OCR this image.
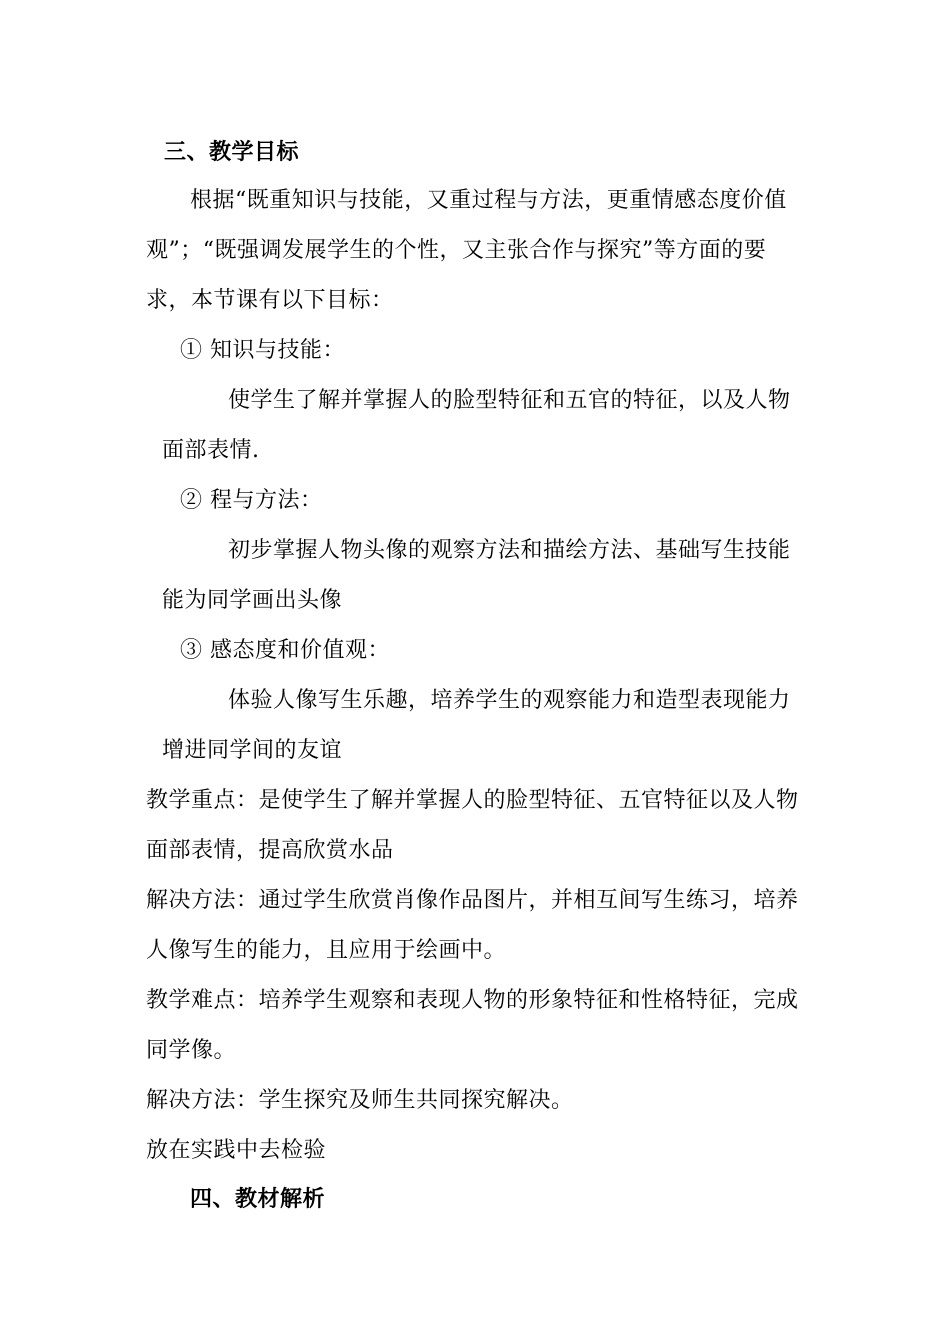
三、教学目标
根据“既重知识与技能，又重过程与方法，更重情感态度价值
观”；“既强调发展学生的个性，又主张合作与探究”等方面的要
求，本节课有以下目标：
① 知识与技能：
使学生了解并掌握人的脸型特征和五官的特征，以及人物
面部表情.
② 程与方法：
初步掌握人物头像的观察方法和描绘方法、基础写生技能
能为同学画出头像
③ 感态度和价值观：
体验人像写生乐趣，培养学生的观察能力和造型表现能力
增进同学间的友谊
教学重点：是使学生了解并掌握人的脸型特征、五官特征以及人物
面部表情，提高欣赏水品
解决方法：通过学生欣赏肖像作品图片，并相互间写生练习，培养
人像写生的能力，且应用于绘画中。
教学难点：培养学生观察和表现人物的形象特征和性格特征，完成
同学像。
解决方法：学生探究及师生共同探究解决。
放在实践中去检验
四、教材解析
